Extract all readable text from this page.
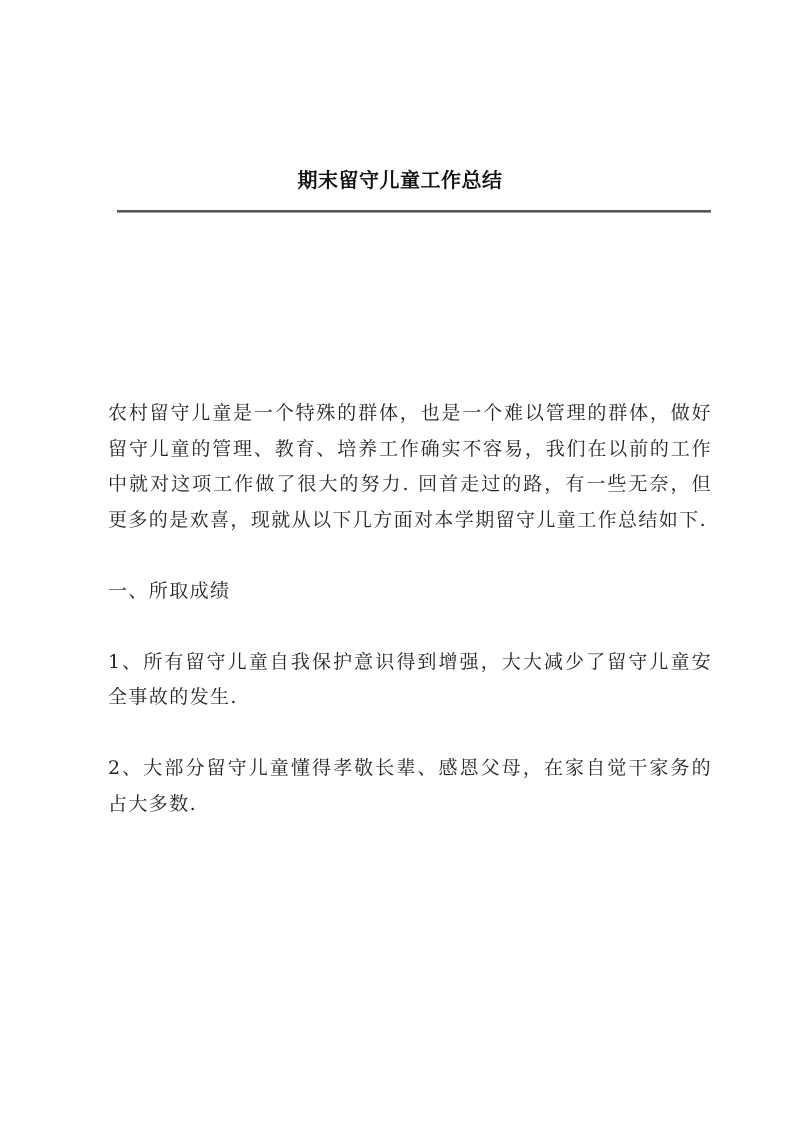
期末留守儿童工作总结

农村留守儿童是一个特殊的群体，也是一个难以管理的群体，做好留守儿童的管理、教育、培养工作确实不容易，我们在以前的工作中就对这项工作做了很大的努力. 回首走过的路，有一些无奈，但更多的是欢喜，现就从以下几方面对本学期留守儿童工作总结如下.

一、所取成绩

1、所有留守儿童自我保护意识得到增强，大大减少了留守儿童安全事故的发生.

2、大部分留守儿童懂得孝敬长辈、感恩父母，在家自觉干家务的占大多数.
